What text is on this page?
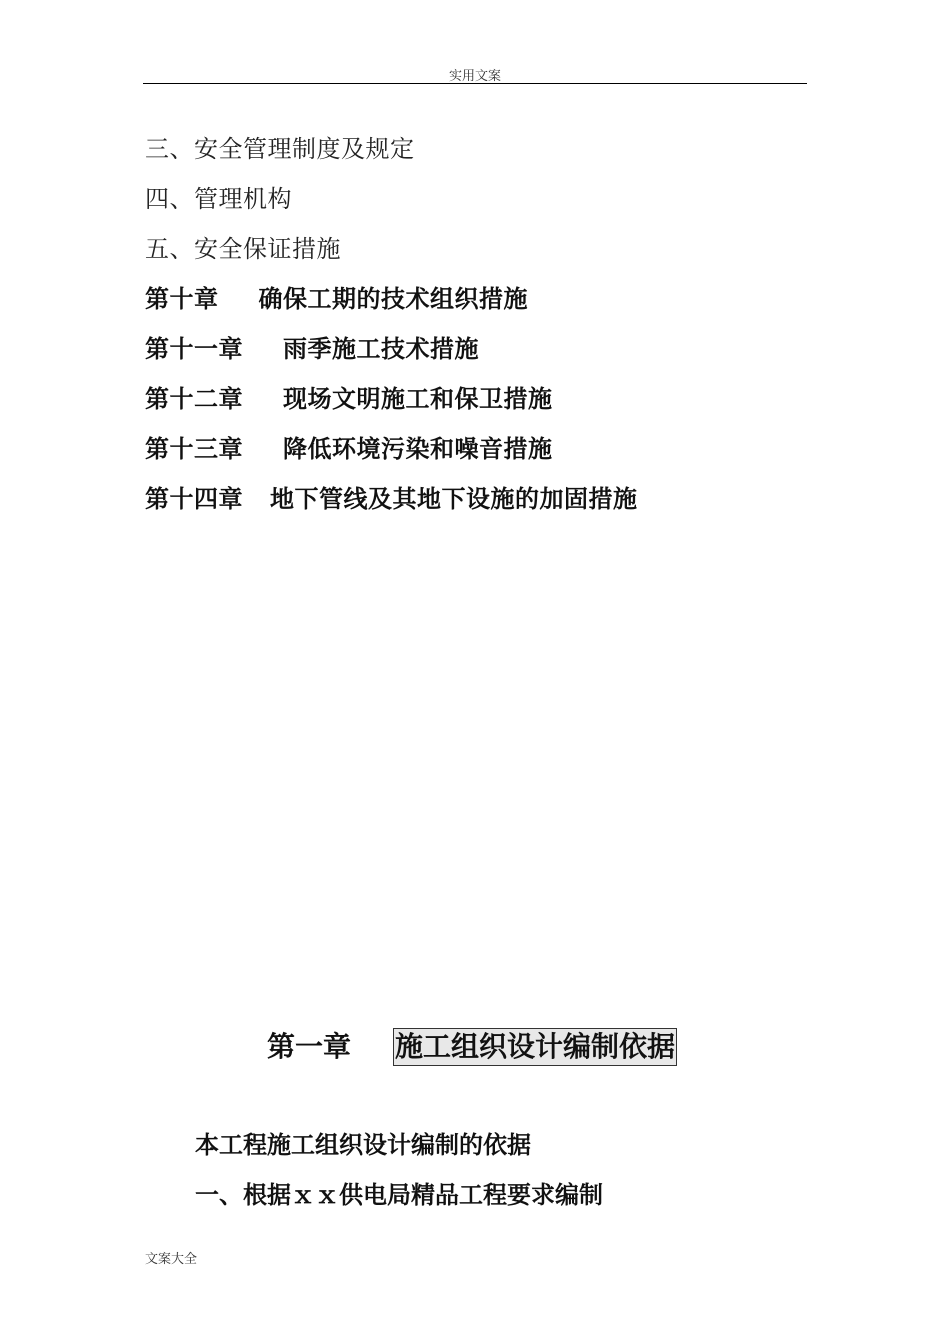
实用文案
三、安全管理制度及规定
四、管理机构
五、安全保证措施
第十章 确保工期的技术组织措施
第十一章 雨季施工技术措施
第十二章 现场文明施工和保卫措施
第十三章 降低环境污染和噪音措施
第十四章 地下管线及其地下设施的加固措施
第一章 施工组织设计编制依据
本工程施工组织设计编制的依据
一、根据ｘｘ供电局精品工程要求编制
文案大全
